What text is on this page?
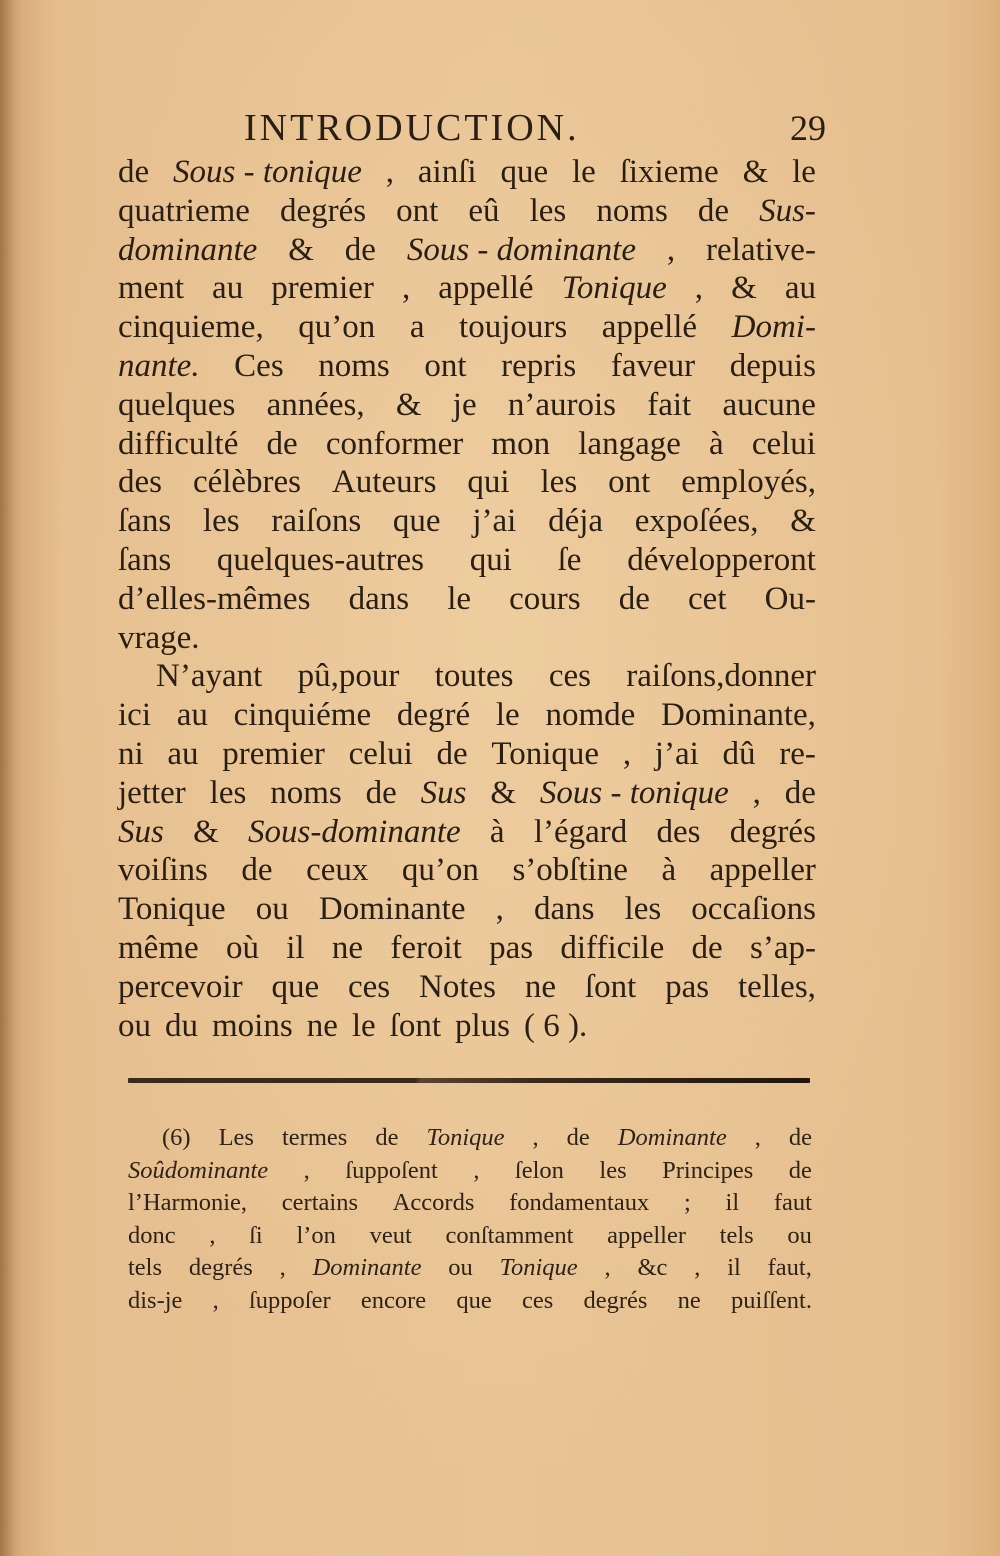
INTRODUCTION.	29
de Sous - tonique , ainſi que le ſixieme & le
quatrieme degrés ont eû les noms de Sus-
dominante & de Sous - dominante , relative-
ment au premier , appellé Tonique , & au
cinquieme, qu’on a toujours appellé Domi-
nante. Ces noms ont repris faveur depuis
quelques années, & je n’aurois fait aucune
difficulté de conformer mon langage à celui
des célèbres Auteurs qui les ont employés,
ſans les raiſons que j’ai déja expoſées, &
ſans quelques-autres qui ſe développeront
d’elles-mêmes dans le cours de cet Ou-
vrage.
N’ayant pû,pour toutes ces raiſons,donner
ici au cinquiéme degré le nomde Dominante,
ni au premier celui de Tonique , j’ai dû re-
jetter les noms de Sus & Sous - tonique , de
Sus & Sous-dominante à l’égard des degrés
voiſins de ceux qu’on s’obſtine à appeller
Tonique ou Dominante , dans les occaſions
même où il ne feroit pas difficile de s’ap-
percevoir que ces Notes ne ſont pas telles,
ou du moins ne le ſont plus ( 6 ).
(6) Les termes de Tonique , de Dominante , de
Soûdominante , ſuppoſent , ſelon les Principes de
l’Harmonie, certains Accords fondamentaux ; il faut
donc , ſi l’on veut conſtamment appeller tels ou
tels degrés , Dominante ou Tonique , &c , il faut,
dis-je , ſuppoſer encore que ces degrés ne puiſſent.
